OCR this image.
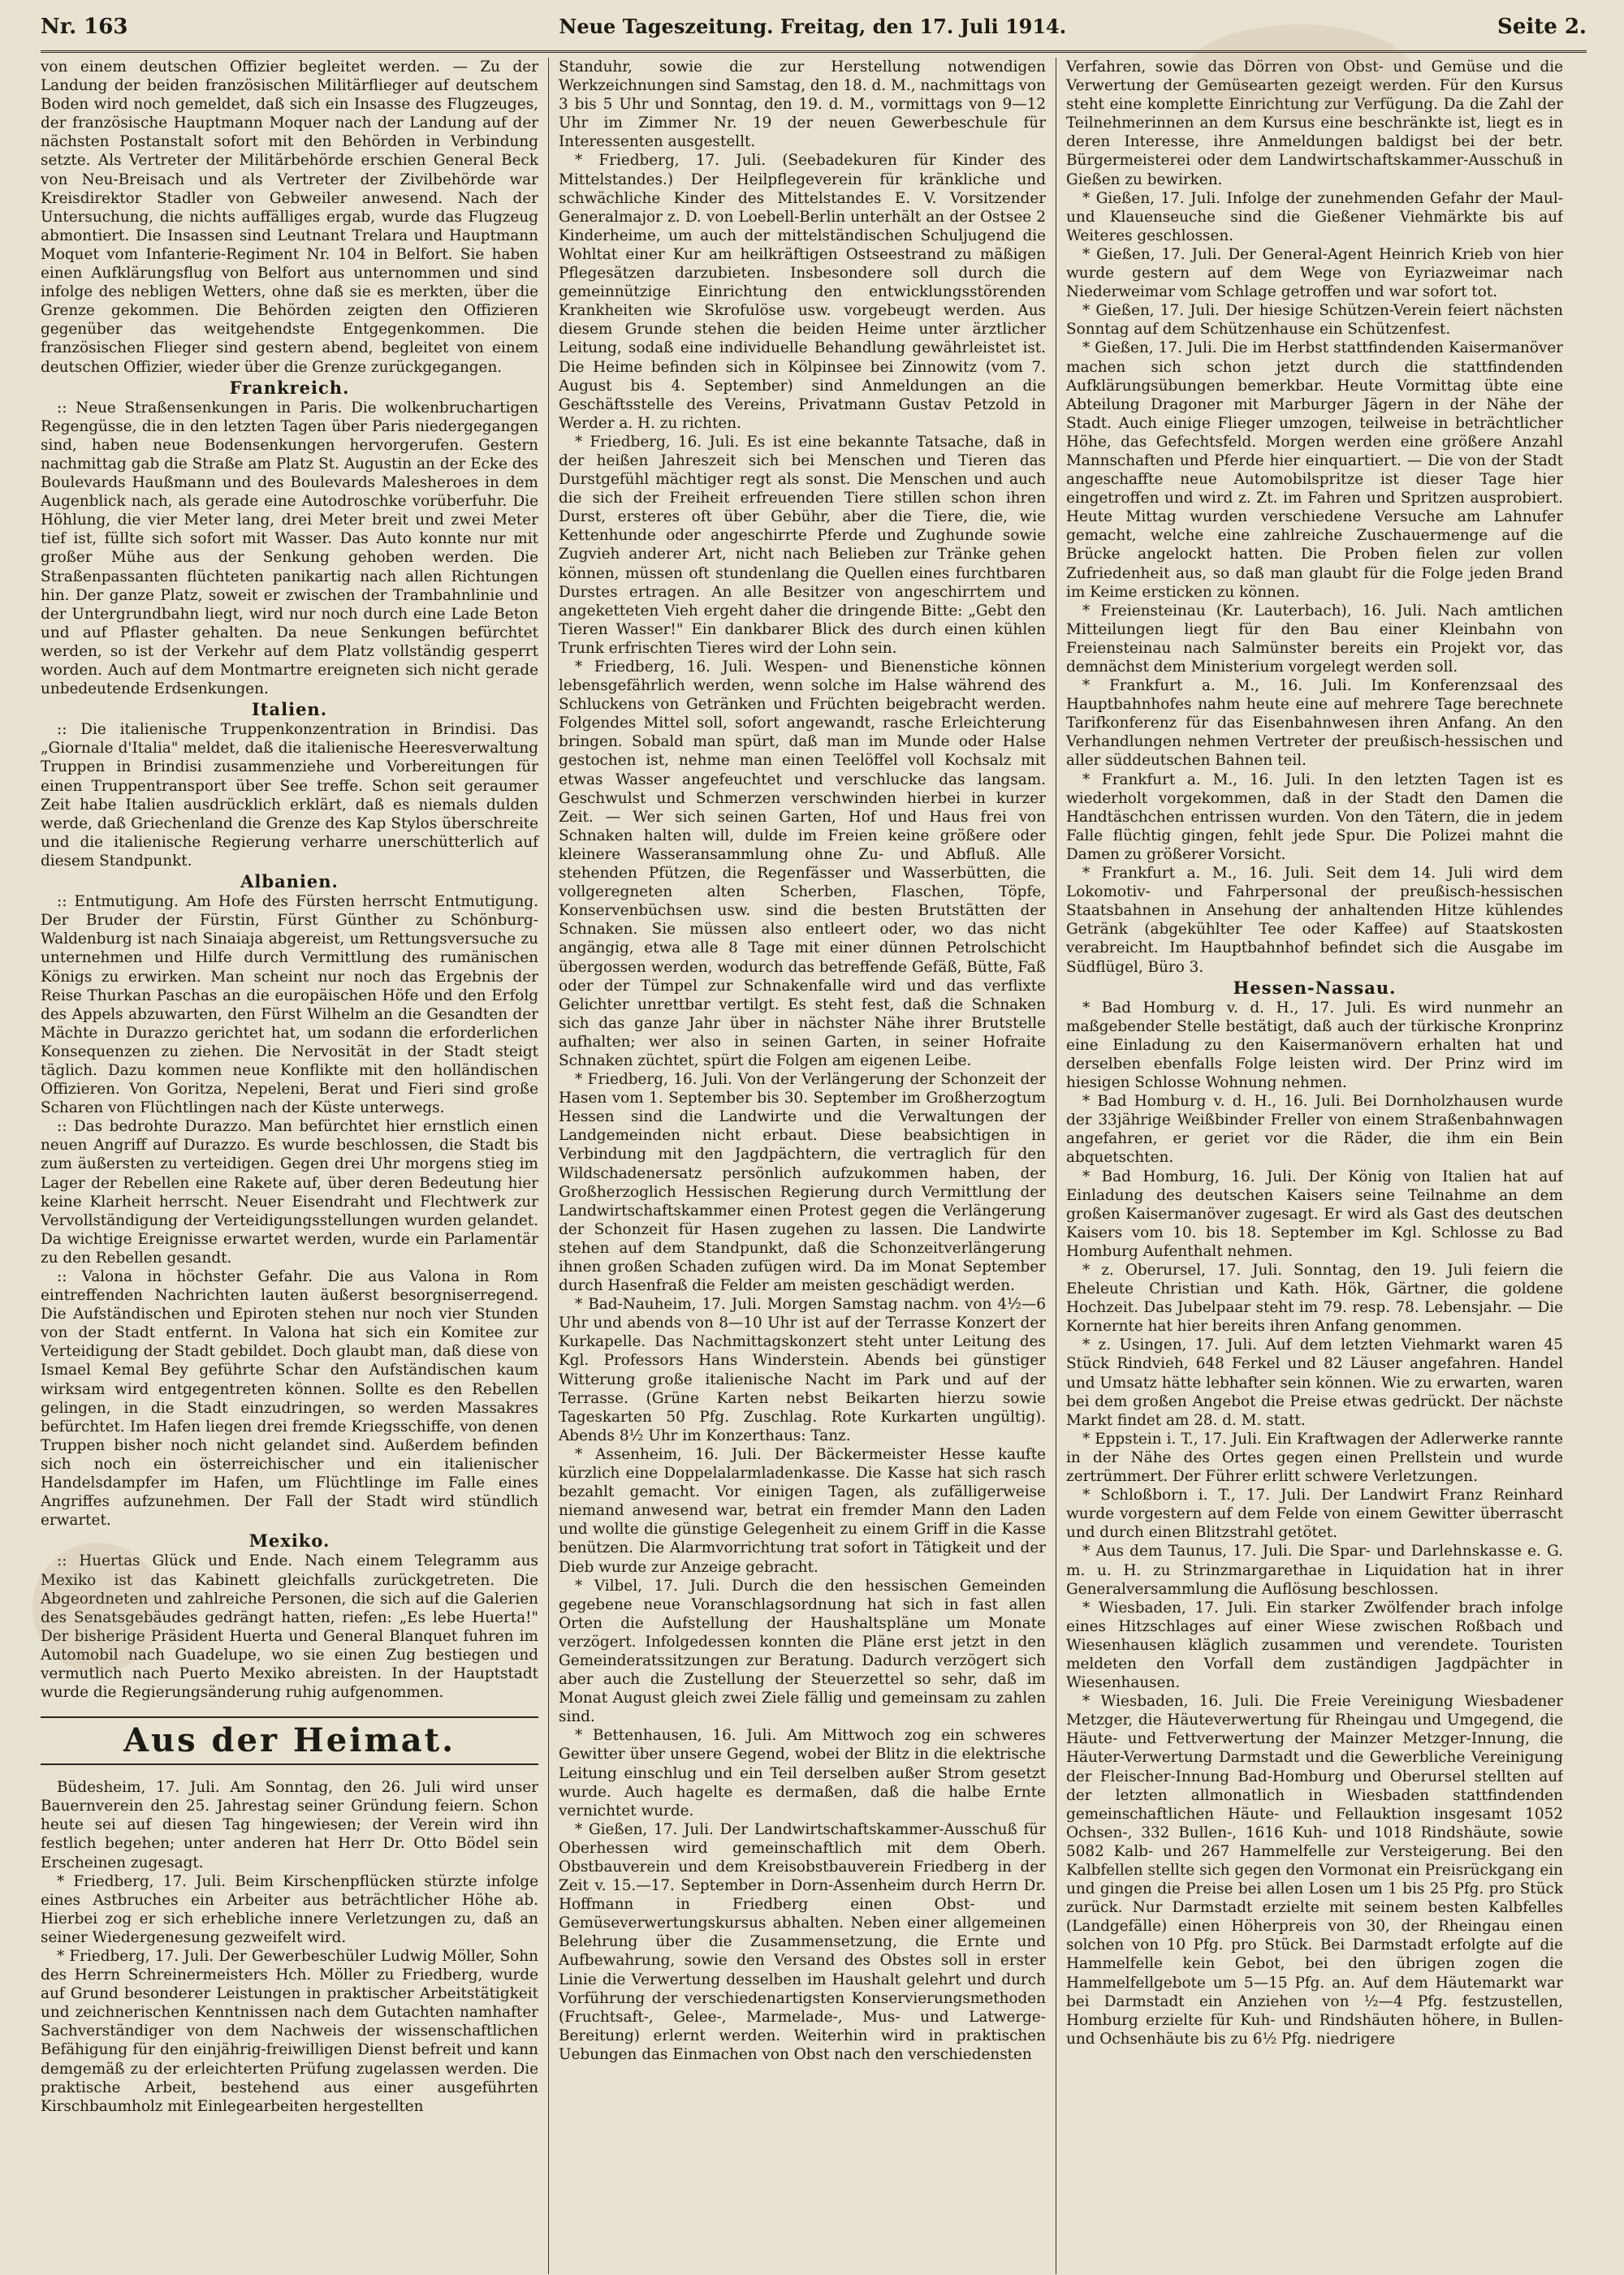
Nr. 163	Neue Tageszeitung. Freitag, den 17. Juli 1914.	Seite 2.

von einem deutschen Offizier begleitet werden. — Zu der Landung der beiden französischen Militärflieger auf deutschem Boden wird noch gemeldet, daß sich ein Insasse des Flugzeuges, der französische Hauptmann Moquer nach der Landung auf der nächsten Postanstalt sofort mit den Behörden in Verbindung setzte. Als Vertreter der Militärbehörde erschien General Beck von Neu-Breisach und als Vertreter der Zivilbehörde war Kreisdirektor Stadler von Gebweiler anwesend. Nach der Untersuchung, die nichts auffälliges ergab, wurde das Flugzeug abmontiert. Die Insassen sind Leutnant Trelara und Hauptmann Moquet vom Infanterie-Regiment Nr. 104 in Belfort. Sie haben einen Aufklärungsflug von Belfort aus unternommen und sind infolge des nebligen Wetters, ohne daß sie es merkten, über die Grenze gekommen. Die Behörden zeigten den Offizieren gegenüber das weitgehendste Entgegenkommen. Die französischen Flieger sind gestern abend, begleitet von einem deutschen Offizier, wieder über die Grenze zurückgegangen.

Frankreich.

:: Neue Straßensenkungen in Paris. Die wolkenbruchartigen Regengüsse, die in den letzten Tagen über Paris niedergegangen sind, haben neue Bodensenkungen hervorgerufen. Gestern nachmittag gab die Straße am Platz St. Augustin an der Ecke des Boulevards Haußmann und des Boulevards Malesheroes in dem Augenblick nach, als gerade eine Autodroschke vorüberfuhr. Die Höhlung, die vier Meter lang, drei Meter breit und zwei Meter tief ist, füllte sich sofort mit Wasser. Das Auto konnte nur mit großer Mühe aus der Senkung gehoben werden. Die Straßenpassanten flüchteten panikartig nach allen Richtungen hin. Der ganze Platz, soweit er zwischen der Trambahnlinie und der Untergrundbahn liegt, wird nur noch durch eine Lade Beton und auf Pflaster gehalten. Da neue Senkungen befürchtet werden, so ist der Verkehr auf dem Platz vollständig gesperrt worden. Auch auf dem Montmartre ereigneten sich nicht gerade unbedeutende Erdsenkungen.

Italien.

:: Die italienische Truppenkonzentration in Brindisi. Das „Giornale d'Italia" meldet, daß die italienische Heeresverwaltung Truppen in Brindisi zusammenziehe und Vorbereitungen für einen Truppentransport über See treffe. Schon seit geraumer Zeit habe Italien ausdrücklich erklärt, daß es niemals dulden werde, daß Griechenland die Grenze des Kap Stylos überschreite und die italienische Regierung verharre unerschütterlich auf diesem Standpunkt.

Albanien.

:: Entmutigung. Am Hofe des Fürsten herrscht Entmutigung. Der Bruder der Fürstin, Fürst Günther zu Schönburg-Waldenburg ist nach Sinaiaja abgereist, um Rettungsversuche zu unternehmen und Hilfe durch Vermittlung des rumänischen Königs zu erwirken. Man scheint nur noch das Ergebnis der Reise Thurkan Paschas an die europäischen Höfe und den Erfolg des Appels abzuwarten, den Fürst Wilhelm an die Gesandten der Mächte in Durazzo gerichtet hat, um sodann die erforderlichen Konsequenzen zu ziehen. Die Nervosität in der Stadt steigt täglich. Dazu kommen neue Konflikte mit den holländischen Offizieren. Von Goritza, Nepeleni, Berat und Fieri sind große Scharen von Flüchtlingen nach der Küste unterwegs.

:: Das bedrohte Durazzo. Man befürchtet hier ernstlich einen neuen Angriff auf Durazzo. Es wurde beschlossen, die Stadt bis zum äußersten zu verteidigen. Gegen drei Uhr morgens stieg im Lager der Rebellen eine Rakete auf, über deren Bedeutung hier keine Klarheit herrscht. Neuer Eisendraht und Flechtwerk zur Vervollständigung der Verteidigungsstellungen wurden gelandet. Da wichtige Ereignisse erwartet werden, wurde ein Parlamentär zu den Rebellen gesandt.

:: Valona in höchster Gefahr. Die aus Valona in Rom eintreffenden Nachrichten lauten äußerst besorgniserregend. Die Aufständischen und Epiroten stehen nur noch vier Stunden von der Stadt entfernt. In Valona hat sich ein Komitee zur Verteidigung der Stadt gebildet. Doch glaubt man, daß diese von Ismael Kemal Bey geführte Schar den Aufständischen kaum wirksam wird entgegentreten können. Sollte es den Rebellen gelingen, in die Stadt einzudringen, so werden Massakres befürchtet. Im Hafen liegen drei fremde Kriegsschiffe, von denen Truppen bisher noch nicht gelandet sind. Außerdem befinden sich noch ein österreichischer und ein italienischer Handelsdampfer im Hafen, um Flüchtlinge im Falle eines Angriffes aufzunehmen. Der Fall der Stadt wird stündlich erwartet.

Mexiko.

:: Huertas Glück und Ende. Nach einem Telegramm aus Mexiko ist das Kabinett gleichfalls zurückgetreten. Die Abgeordneten und zahlreiche Personen, die sich auf die Galerien des Senatsgebäudes gedrängt hatten, riefen: „Es lebe Huerta!" Der bisherige Präsident Huerta und General Blanquet fuhren im Automobil nach Guadelupe, wo sie einen Zug bestiegen und vermutlich nach Puerto Mexiko abreisten. In der Hauptstadt wurde die Regierungsänderung ruhig aufgenommen.

Aus der Heimat.

Büdesheim, 17. Juli. Am Sonntag, den 26. Juli wird unser Bauernverein den 25. Jahrestag seiner Gründung feiern. Schon heute sei auf diesen Tag hingewiesen; der Verein wird ihn festlich begehen; unter anderen hat Herr Dr. Otto Bödel sein Erscheinen zugesagt.

* Friedberg, 17. Juli. Beim Kirschenpflücken stürzte infolge eines Astbruches ein Arbeiter aus beträchtlicher Höhe ab. Hierbei zog er sich erhebliche innere Verletzungen zu, daß an seiner Wiedergenesung gezweifelt wird.

* Friedberg, 17. Juli. Der Gewerbeschüler Ludwig Möller, Sohn des Herrn Schreinermeisters Hch. Möller zu Friedberg, wurde auf Grund besonderer Leistungen in praktischer Arbeitstätigkeit und zeichnerischen Kenntnissen nach dem Gutachten namhafter Sachverständiger von dem Nachweis der wissenschaftlichen Befähigung für den einjährig-freiwilligen Dienst befreit und kann demgemäß zu der erleichterten Prüfung zugelassen werden. Die praktische Arbeit, bestehend aus einer ausgeführten Kirschbaumholz mit Einlegearbeiten hergestellten

Standuhr, sowie die zur Herstellung notwendigen Werkzeichnungen sind Samstag, den 18. d. M., nachmittags von 3 bis 5 Uhr und Sonntag, den 19. d. M., vormittags von 9—12 Uhr im Zimmer Nr. 19 der neuen Gewerbeschule für Interessenten ausgestellt.

* Friedberg, 17. Juli. (Seebadekuren für Kinder des Mittelstandes.) Der Heilpflegeverein für kränkliche und schwächliche Kinder des Mittelstandes E. V. Vorsitzender Generalmajor z. D. von Loebell-Berlin unterhält an der Ostsee 2 Kinderheime, um auch der mittelständischen Schuljugend die Wohltat einer Kur am heilkräftigen Ostseestrand zu mäßigen Pflegesätzen darzubieten. Insbesondere soll durch die gemeinnützige Einrichtung den entwicklungsstörenden Krankheiten wie Skrofulöse usw. vorgebeugt werden. Aus diesem Grunde stehen die beiden Heime unter ärztlicher Leitung, sodaß eine individuelle Behandlung gewährleistet ist. Die Heime befinden sich in Kölpinsee bei Zinnowitz (vom 7. August bis 4. September) sind Anmeldungen an die Geschäftsstelle des Vereins, Privatmann Gustav Petzold in Werder a. H. zu richten.

* Friedberg, 16. Juli. Es ist eine bekannte Tatsache, daß in der heißen Jahreszeit sich bei Menschen und Tieren das Durstgefühl mächtiger regt als sonst. Die Menschen und auch die sich der Freiheit erfreuenden Tiere stillen schon ihren Durst, ersteres oft über Gebühr, aber die Tiere, die, wie Kettenhunde oder angeschirrte Pferde und Zughunde sowie Zugvieh anderer Art, nicht nach Belieben zur Tränke gehen können, müssen oft stundenlang die Quellen eines furchtbaren Durstes ertragen. An alle Besitzer von angeschirrtem und angeketteten Vieh ergeht daher die dringende Bitte: „Gebt den Tieren Wasser!" Ein dankbarer Blick des durch einen kühlen Trunk erfrischten Tieres wird der Lohn sein.

* Friedberg, 16. Juli. Wespen- und Bienenstiche können lebensgefährlich werden, wenn solche im Halse während des Schluckens von Getränken und Früchten beigebracht werden. Folgendes Mittel soll, sofort angewandt, rasche Erleichterung bringen. Sobald man spürt, daß man im Munde oder Halse gestochen ist, nehme man einen Teelöffel voll Kochsalz mit etwas Wasser angefeuchtet und verschlucke das langsam. Geschwulst und Schmerzen verschwinden hierbei in kurzer Zeit. — Wer sich seinen Garten, Hof und Haus frei von Schnaken halten will, dulde im Freien keine größere oder kleinere Wasseransammlung ohne Zu- und Abfluß. Alle stehenden Pfützen, die Regenfässer und Wasserbütten, die vollgeregneten alten Scherben, Flaschen, Töpfe, Konservenbüchsen usw. sind die besten Brutstätten der Schnaken. Sie müssen also entleert oder, wo das nicht angängig, etwa alle 8 Tage mit einer dünnen Petrolschicht übergossen werden, wodurch das betreffende Gefäß, Bütte, Faß oder der Tümpel zur Schnakenfalle wird und das verflixte Gelichter unrettbar vertilgt. Es steht fest, daß die Schnaken sich das ganze Jahr über in nächster Nähe ihrer Brutstelle aufhalten; wer also in seinen Garten, in seiner Hofraite Schnaken züchtet, spürt die Folgen am eigenen Leibe.

* Friedberg, 16. Juli. Von der Verlängerung der Schonzeit der Hasen vom 1. September bis 30. September im Großherzogtum Hessen sind die Landwirte und die Verwaltungen der Landgemeinden nicht erbaut. Diese beabsichtigen in Verbindung mit den Jagdpächtern, die vertraglich für den Wildschadenersatz persönlich aufzukommen haben, der Großherzoglich Hessischen Regierung durch Vermittlung der Landwirtschaftskammer einen Protest gegen die Verlängerung der Schonzeit für Hasen zugehen zu lassen. Die Landwirte stehen auf dem Standpunkt, daß die Schonzeitverlängerung ihnen großen Schaden zufügen wird. Da im Monat September durch Hasenfraß die Felder am meisten geschädigt werden.

* Bad-Nauheim, 17. Juli. Morgen Samstag nachm. von 4½—6 Uhr und abends von 8—10 Uhr ist auf der Terrasse Konzert der Kurkapelle. Das Nachmittagskonzert steht unter Leitung des Kgl. Professors Hans Winderstein. Abends bei günstiger Witterung große italienische Nacht im Park und auf der Terrasse. (Grüne Karten nebst Beikarten hierzu sowie Tageskarten 50 Pfg. Zuschlag. Rote Kurkarten ungültig). Abends 8½ Uhr im Konzerthaus: Tanz.

* Assenheim, 16. Juli. Der Bäckermeister Hesse kaufte kürzlich eine Doppelalarmladenkasse. Die Kasse hat sich rasch bezahlt gemacht. Vor einigen Tagen, als zufälligerweise niemand anwesend war, betrat ein fremder Mann den Laden und wollte die günstige Gelegenheit zu einem Griff in die Kasse benützen. Die Alarmvorrichtung trat sofort in Tätigkeit und der Dieb wurde zur Anzeige gebracht.

* Vilbel, 17. Juli. Durch die den hessischen Gemeinden gegebene neue Voranschlagsordnung hat sich in fast allen Orten die Aufstellung der Haushaltspläne um Monate verzögert. Infolgedessen konnten die Pläne erst jetzt in den Gemeinderatssitzungen zur Beratung. Dadurch verzögert sich aber auch die Zustellung der Steuerzettel so sehr, daß im Monat August gleich zwei Ziele fällig und gemeinsam zu zahlen sind.

* Bettenhausen, 16. Juli. Am Mittwoch zog ein schweres Gewitter über unsere Gegend, wobei der Blitz in die elektrische Leitung einschlug und ein Teil derselben außer Strom gesetzt wurde. Auch hagelte es dermaßen, daß die halbe Ernte vernichtet wurde.

* Gießen, 17. Juli. Der Landwirtschaftskammer-Ausschuß für Oberhessen wird gemeinschaftlich mit dem Oberh. Obstbauverein und dem Kreisobstbauverein Friedberg in der Zeit v. 15.—17. September in Dorn-Assenheim durch Herrn Dr. Hoffmann in Friedberg einen Obst- und Gemüseverwertungskursus abhalten. Neben einer allgemeinen Belehrung über die Zusammensetzung, die Ernte und Aufbewahrung, sowie den Versand des Obstes soll in erster Linie die Verwertung desselben im Haushalt gelehrt und durch Vorführung der verschiedenartigsten Konservierungsmethoden (Fruchtsaft-, Gelee-, Marmelade-, Mus- und Latwerge-Bereitung) erlernt werden. Weiterhin wird in praktischen Uebungen das Einmachen von Obst nach den verschiedensten

Verfahren, sowie das Dörren von Obst- und Gemüse und die Verwertung der Gemüsearten gezeigt werden. Für den Kursus steht eine komplette Einrichtung zur Verfügung. Da die Zahl der Teilnehmerinnen an dem Kursus eine beschränkte ist, liegt es in deren Interesse, ihre Anmeldungen baldigst bei der betr. Bürgermeisterei oder dem Landwirtschaftskammer-Ausschuß in Gießen zu bewirken.

* Gießen, 17. Juli. Infolge der zunehmenden Gefahr der Maul- und Klauenseuche sind die Gießener Viehmärkte bis auf Weiteres geschlossen.

* Gießen, 17. Juli. Der General-Agent Heinrich Krieb von hier wurde gestern auf dem Wege von Eyriazweimar nach Niederweimar vom Schlage getroffen und war sofort tot.

* Gießen, 17. Juli. Der hiesige Schützen-Verein feiert nächsten Sonntag auf dem Schützenhause ein Schützenfest.

* Gießen, 17. Juli. Die im Herbst stattfindenden Kaisermanöver machen sich schon jetzt durch die stattfindenden Aufklärungsübungen bemerkbar. Heute Vormittag übte eine Abteilung Dragoner mit Marburger Jägern in der Nähe der Stadt. Auch einige Flieger umzogen, teilweise in beträchtlicher Höhe, das Gefechtsfeld. Morgen werden eine größere Anzahl Mannschaften und Pferde hier einquartiert. — Die von der Stadt angeschaffte neue Automobilspritze ist dieser Tage hier eingetroffen und wird z. Zt. im Fahren und Spritzen ausprobiert. Heute Mittag wurden verschiedene Versuche am Lahnufer gemacht, welche eine zahlreiche Zuschauermenge auf die Brücke angelockt hatten. Die Proben fielen zur vollen Zufriedenheit aus, so daß man glaubt für die Folge jeden Brand im Keime ersticken zu können.

* Freiensteinau (Kr. Lauterbach), 16. Juli. Nach amtlichen Mitteilungen liegt für den Bau einer Kleinbahn von Freiensteinau nach Salmünster bereits ein Projekt vor, das demnächst dem Ministerium vorgelegt werden soll.

* Frankfurt a. M., 16. Juli. Im Konferenzsaal des Hauptbahnhofes nahm heute eine auf mehrere Tage berechnete Tarifkonferenz für das Eisenbahnwesen ihren Anfang. An den Verhandlungen nehmen Vertreter der preußisch-hessischen und aller süddeutschen Bahnen teil.

* Frankfurt a. M., 16. Juli. In den letzten Tagen ist es wiederholt vorgekommen, daß in der Stadt den Damen die Handtäschchen entrissen wurden. Von den Tätern, die in jedem Falle flüchtig gingen, fehlt jede Spur. Die Polizei mahnt die Damen zu größerer Vorsicht.

* Frankfurt a. M., 16. Juli. Seit dem 14. Juli wird dem Lokomotiv- und Fahrpersonal der preußisch-hessischen Staatsbahnen in Ansehung der anhaltenden Hitze kühlendes Getränk (abgekühlter Tee oder Kaffee) auf Staatskosten verabreicht. Im Hauptbahnhof befindet sich die Ausgabe im Südflügel, Büro 3.

Hessen-Nassau.

* Bad Homburg v. d. H., 17. Juli. Es wird nunmehr an maßgebender Stelle bestätigt, daß auch der türkische Kronprinz eine Einladung zu den Kaisermanövern erhalten hat und derselben ebenfalls Folge leisten wird. Der Prinz wird im hiesigen Schlosse Wohnung nehmen.

* Bad Homburg v. d. H., 16. Juli. Bei Dornholzhausen wurde der 33jährige Weißbinder Freller von einem Straßenbahnwagen angefahren, er geriet vor die Räder, die ihm ein Bein abquetschten.

* Bad Homburg, 16. Juli. Der König von Italien hat auf Einladung des deutschen Kaisers seine Teilnahme an dem großen Kaisermanöver zugesagt. Er wird als Gast des deutschen Kaisers vom 10. bis 18. September im Kgl. Schlosse zu Bad Homburg Aufenthalt nehmen.

* z. Oberursel, 17. Juli. Sonntag, den 19. Juli feiern die Eheleute Christian und Kath. Hök, Gärtner, die goldene Hochzeit. Das Jubelpaar steht im 79. resp. 78. Lebensjahr. — Die Kornernte hat hier bereits ihren Anfang genommen.

* z. Usingen, 17. Juli. Auf dem letzten Viehmarkt waren 45 Stück Rindvieh, 648 Ferkel und 82 Läuser angefahren. Handel und Umsatz hätte lebhafter sein können. Wie zu erwarten, waren bei dem großen Angebot die Preise etwas gedrückt. Der nächste Markt findet am 28. d. M. statt.

* Eppstein i. T., 17. Juli. Ein Kraftwagen der Adlerwerke rannte in der Nähe des Ortes gegen einen Prellstein und wurde zertrümmert. Der Führer erlitt schwere Verletzungen.

* Schloßborn i. T., 17. Juli. Der Landwirt Franz Reinhard wurde vorgestern auf dem Felde von einem Gewitter überrascht und durch einen Blitzstrahl getötet.

* Aus dem Taunus, 17. Juli. Die Spar- und Darlehnskasse e. G. m. u. H. zu Strinzmargarethae in Liquidation hat in ihrer Generalversammlung die Auflösung beschlossen.

* Wiesbaden, 17. Juli. Ein starker Zwölfender brach infolge eines Hitzschlages auf einer Wiese zwischen Roßbach und Wiesenhausen kläglich zusammen und verendete. Touristen meldeten den Vorfall dem zuständigen Jagdpächter in Wiesenhausen.

* Wiesbaden, 16. Juli. Die Freie Vereinigung Wiesbadener Metzger, die Häuteverwertung für Rheingau und Umgegend, die Häute- und Fettverwertung der Mainzer Metzger-Innung, die Häuter-Verwertung Darmstadt und die Gewerbliche Vereinigung der Fleischer-Innung Bad-Homburg und Oberursel stellten auf der letzten allmonatlich in Wiesbaden stattfindenden gemeinschaftlichen Häute- und Fellauktion insgesamt 1052 Ochsen-, 332 Bullen-, 1616 Kuh- und 1018 Rindshäute, sowie 5082 Kalb- und 267 Hammelfelle zur Versteigerung. Bei den Kalbfellen stellte sich gegen den Vormonat ein Preisrückgang ein und gingen die Preise bei allen Losen um 1 bis 25 Pfg. pro Stück zurück. Nur Darmstadt erzielte mit seinem besten Kalbfelles (Landgefälle) einen Höherpreis von 30, der Rheingau einen solchen von 10 Pfg. pro Stück. Bei Darmstadt erfolgte auf die Hammelfelle kein Gebot, bei den übrigen zogen die Hammelfellgebote um 5—15 Pfg. an. Auf dem Häutemarkt war bei Darmstadt ein Anziehen von ½—4 Pfg. festzustellen, Homburg erzielte für Kuh- und Rindshäuten höhere, in Bullen- und Ochsenhäute bis zu 6½ Pfg. niedrigere
